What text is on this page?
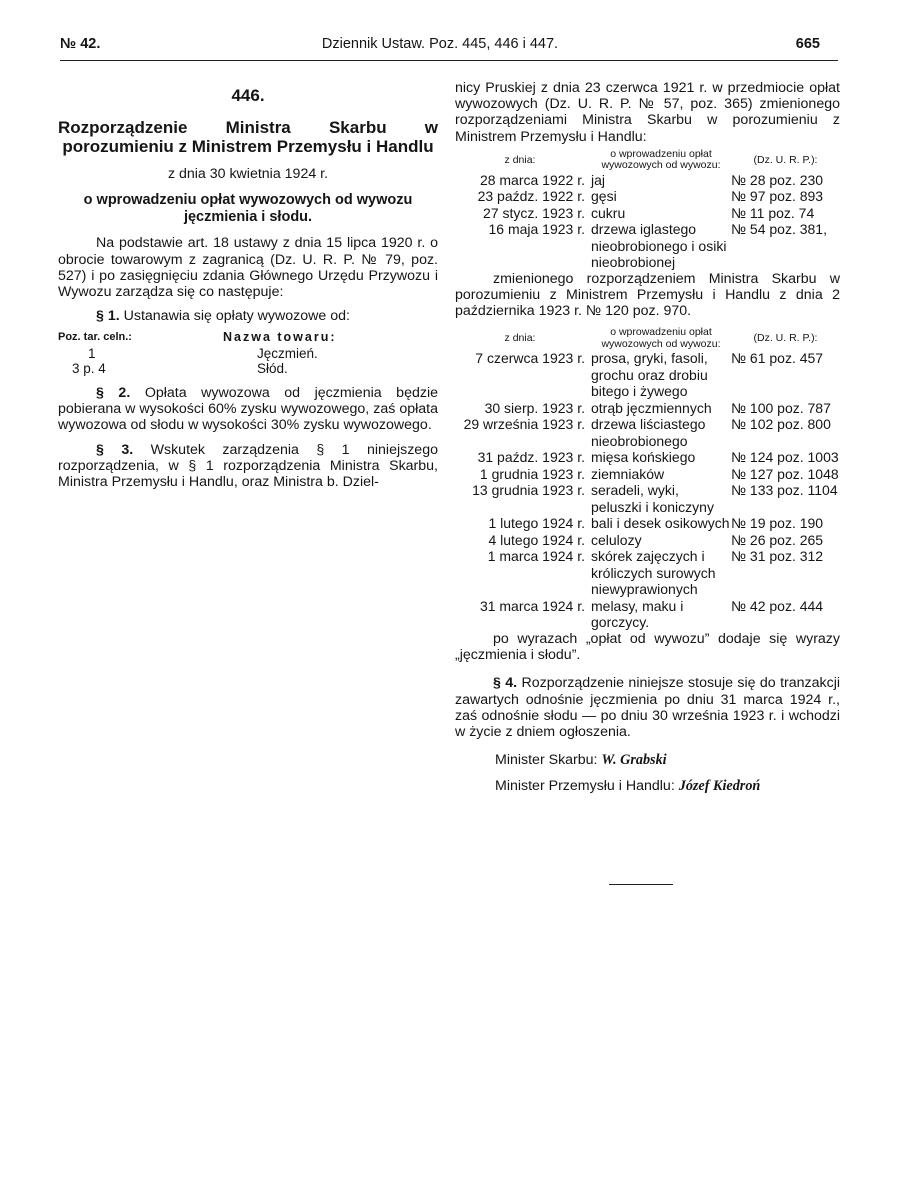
№ 42.	Dziennik Ustaw. Poz. 445, 446 i 447.	665
446.
Rozporządzenie Ministra Skarbu w porozumieniu z Ministrem Przemysłu i Handlu
z dnia 30 kwietnia 1924 r.
o wprowadzeniu opłat wywozowych od wywozu jęczmienia i słodu.

Na podstawie art. 18 ustawy z dnia 15 lipca 1920 r. o obrocie towarowym z zagranicą (Dz. U. R. P. № 79, poz. 527) i po zasięgnięciu zdania Głównego Urzędu Przywozu i Wywozu zarządza się co następuje:

§ 1. Ustanawia się opłaty wywozowe od:

Poz. tar. celn.:	Nazwa towaru:
1	Jęczmień.
3 p. 4	Słód.

§ 2. Opłata wywozowa od jęczmienia będzie pobierana w wysokości 60% zysku wywozowego, zaś opłata wywozowa od słodu w wysokości 30% zysku wywozowego.

§ 3. Wskutek zarządzenia § 1 niniejszego rozporządzenia, w § 1 rozporządzenia Ministra Skarbu, Ministra Przemysłu i Handlu, oraz Ministra b. Dziel-

nicy Pruskiej z dnia 23 czerwca 1921 r. w przedmiocie opłat wywozowych (Dz. U. R. P. № 57, poz. 365) zmienionego rozporządzeniami Ministra Skarbu w porozumieniu z Ministrem Przemysłu i Handlu:

z dnia:	o wprowadzeniu opłat wywozowych od wywozu:	(Dz. U. R. P.):
28 marca 1922 r.	jaj	№ 28 poz. 230
23 paźdz. 1922 r.	gęsi	№ 97 poz. 893
27 stycz. 1923 r.	cukru	№ 11 poz. 74
16 maja 1923 r.	drzewa iglastego nieobrobionego i osiki nieobrobionej	№ 54 poz. 381,

zmienionego rozporządzeniem Ministra Skarbu w porozumieniu z Ministrem Przemysłu i Handlu z dnia 2 października 1923 r. № 120 poz. 970.

z dnia:	o wprowadzeniu opłat wywozowych od wywozu:	(Dz. U. R. P.):
7 czerwca 1923 r.	prosa, gryki, fasoli, grochu oraz drobiu bitego i żywego	№ 61 poz. 457
30 sierp. 1923 r.	otrąb jęczmiennych	№ 100 poz. 787
29 września 1923 r.	drzewa liściastego nieobrobionego	№ 102 poz. 800
31 paźdz. 1923 r.	mięsa końskiego	№ 124 poz. 1003
1 grudnia 1923 r.	ziemniaków	№ 127 poz. 1048
13 grudnia 1923 r.	seradeli, wyki, peluszki i koniczyny	№ 133 poz. 1104
1 lutego 1924 r.	bali i desek osikowych	№ 19 poz. 190
4 lutego 1924 r.	celulozy	№ 26 poz. 265
1 marca 1924 r.	skórek zajęczych i króliczych surowych niewyprawionych	№ 31 poz. 312
31 marca 1924 r.	melasy, maku i gorczycy.	№ 42 poz. 444

po wyrazach „opłat od wywozu” dodaje się wyrazy „jęczmienia i słodu”.

§ 4. Rozporządzenie niniejsze stosuje się do tranzakcji zawartych odnośnie jęczmienia po dniu 31 marca 1924 r., zaś odnośnie słodu — po dniu 30 września 1923 r. i wchodzi w życie z dniem ogłoszenia.

Minister Skarbu: W. Grabski

Minister Przemysłu i Handlu: Józef Kiedroń
